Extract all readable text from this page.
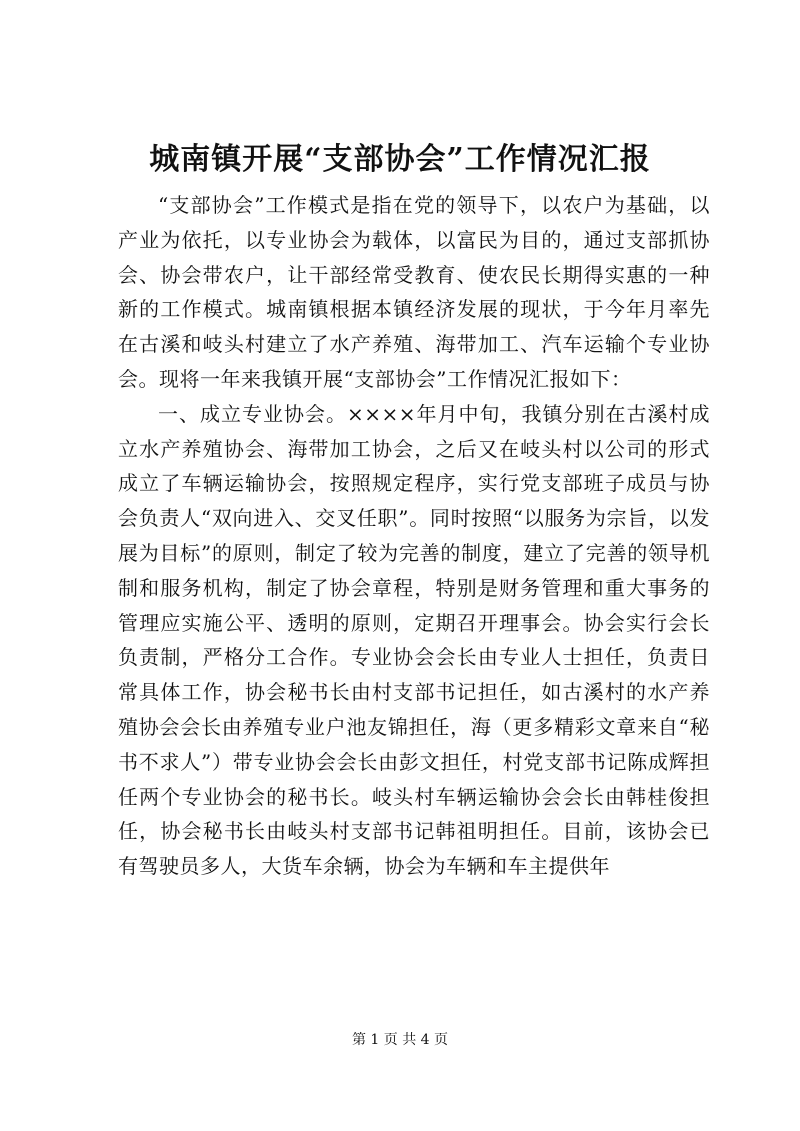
城南镇开展“支部协会”工作情况汇报

“支部协会”工作模式是指在党的领导下，以农户为基础，以产业为依托，以专业协会为载体，以富民为目的，通过支部抓协会、协会带农户，让干部经常受教育、使农民长期得实惠的一种新的工作模式。城南镇根据本镇经济发展的现状，于今年月率先在古溪和岐头村建立了水产养殖、海带加工、汽车运输个专业协会。现将一年来我镇开展“支部协会”工作情况汇报如下：

一、成立专业协会。××××年月中旬，我镇分别在古溪村成立水产养殖协会、海带加工协会，之后又在岐头村以公司的形式成立了车辆运输协会，按照规定程序，实行党支部班子成员与协会负责人“双向进入、交叉任职”。同时按照“以服务为宗旨，以发展为目标”的原则，制定了较为完善的制度，建立了完善的领导机制和服务机构，制定了协会章程，特别是财务管理和重大事务的管理应实施公平、透明的原则，定期召开理事会。协会实行会长负责制，严格分工合作。专业协会会长由专业人士担任，负责日常具体工作，协会秘书长由村支部书记担任，如古溪村的水产养殖协会会长由养殖专业户池友锦担任，海（更多精彩文章来自“秘书不求人”）带专业协会会长由彭文担任，村党支部书记陈成辉担任两个专业协会的秘书长。岐头村车辆运输协会会长由韩桂俊担任，协会秘书长由岐头村支部书记韩祖明担任。目前，该协会已有驾驶员多人，大货车余辆，协会为车辆和车主提供年

第 1 页 共 4 页
